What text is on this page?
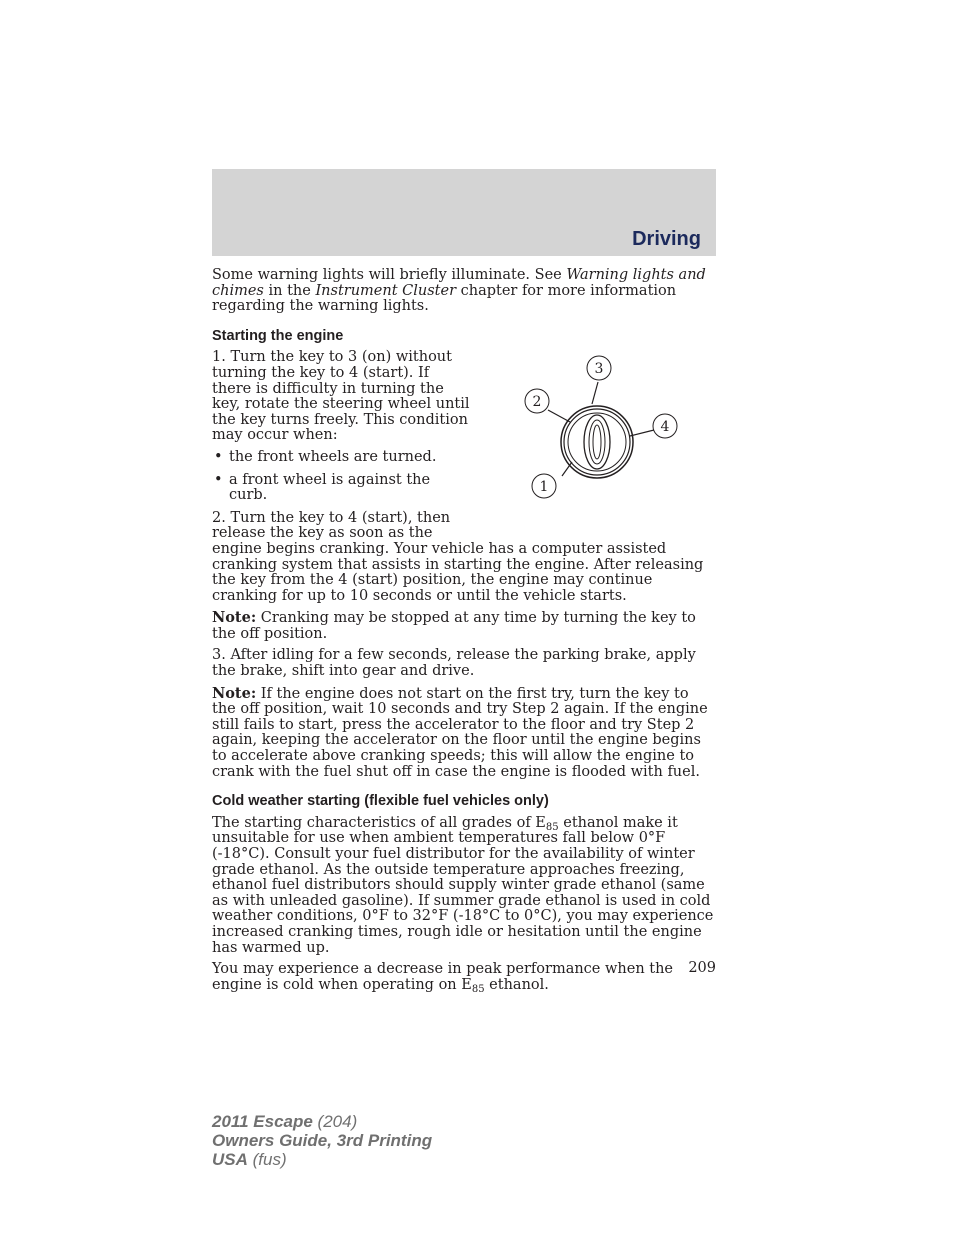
Driving

Some warning lights will briefly illuminate. See Warning lights and chimes in the Instrument Cluster chapter for more information regarding the warning lights.

Starting the engine

1. Turn the key to 3 (on) without turning the key to 4 (start). If there is difficulty in turning the key, rotate the steering wheel until the key turns freely. This condition may occur when:

• the front wheels are turned.
• a front wheel is against the curb.

2. Turn the key to 4 (start), then release the key as soon as the
engine begins cranking. Your vehicle has a computer assisted cranking system that assists in starting the engine. After releasing the key from the 4 (start) position, the engine may continue cranking for up to 10 seconds or until the vehicle starts.

Note: Cranking may be stopped at any time by turning the key to the off position.

3. After idling for a few seconds, release the parking brake, apply the brake, shift into gear and drive.

Note: If the engine does not start on the first try, turn the key to the off position, wait 10 seconds and try Step 2 again. If the engine still fails to start, press the accelerator to the floor and try Step 2 again, keeping the accelerator on the floor until the engine begins to accelerate above cranking speeds; this will allow the engine to crank with the fuel shut off in case the engine is flooded with fuel.

Cold weather starting (flexible fuel vehicles only)

The starting characteristics of all grades of $E_{85}$ ethanol make it unsuitable for use when ambient temperatures fall below 0°F (-18°C). Consult your fuel distributor for the availability of winter grade ethanol. As the outside temperature approaches freezing, ethanol fuel distributors should supply winter grade ethanol (same as with unleaded gasoline). If summer grade ethanol is used in cold weather conditions, 0°F to 32°F (-18°C to 0°C), you may experience increased cranking times, rough idle or hesitation until the engine has warmed up.

You may experience a decrease in peak performance when the engine is cold when operating on $E_{85}$ ethanol.

3
2
4
1
209
2011 Escape (204)
Owners Guide, 3rd Printing
USA (fus)
